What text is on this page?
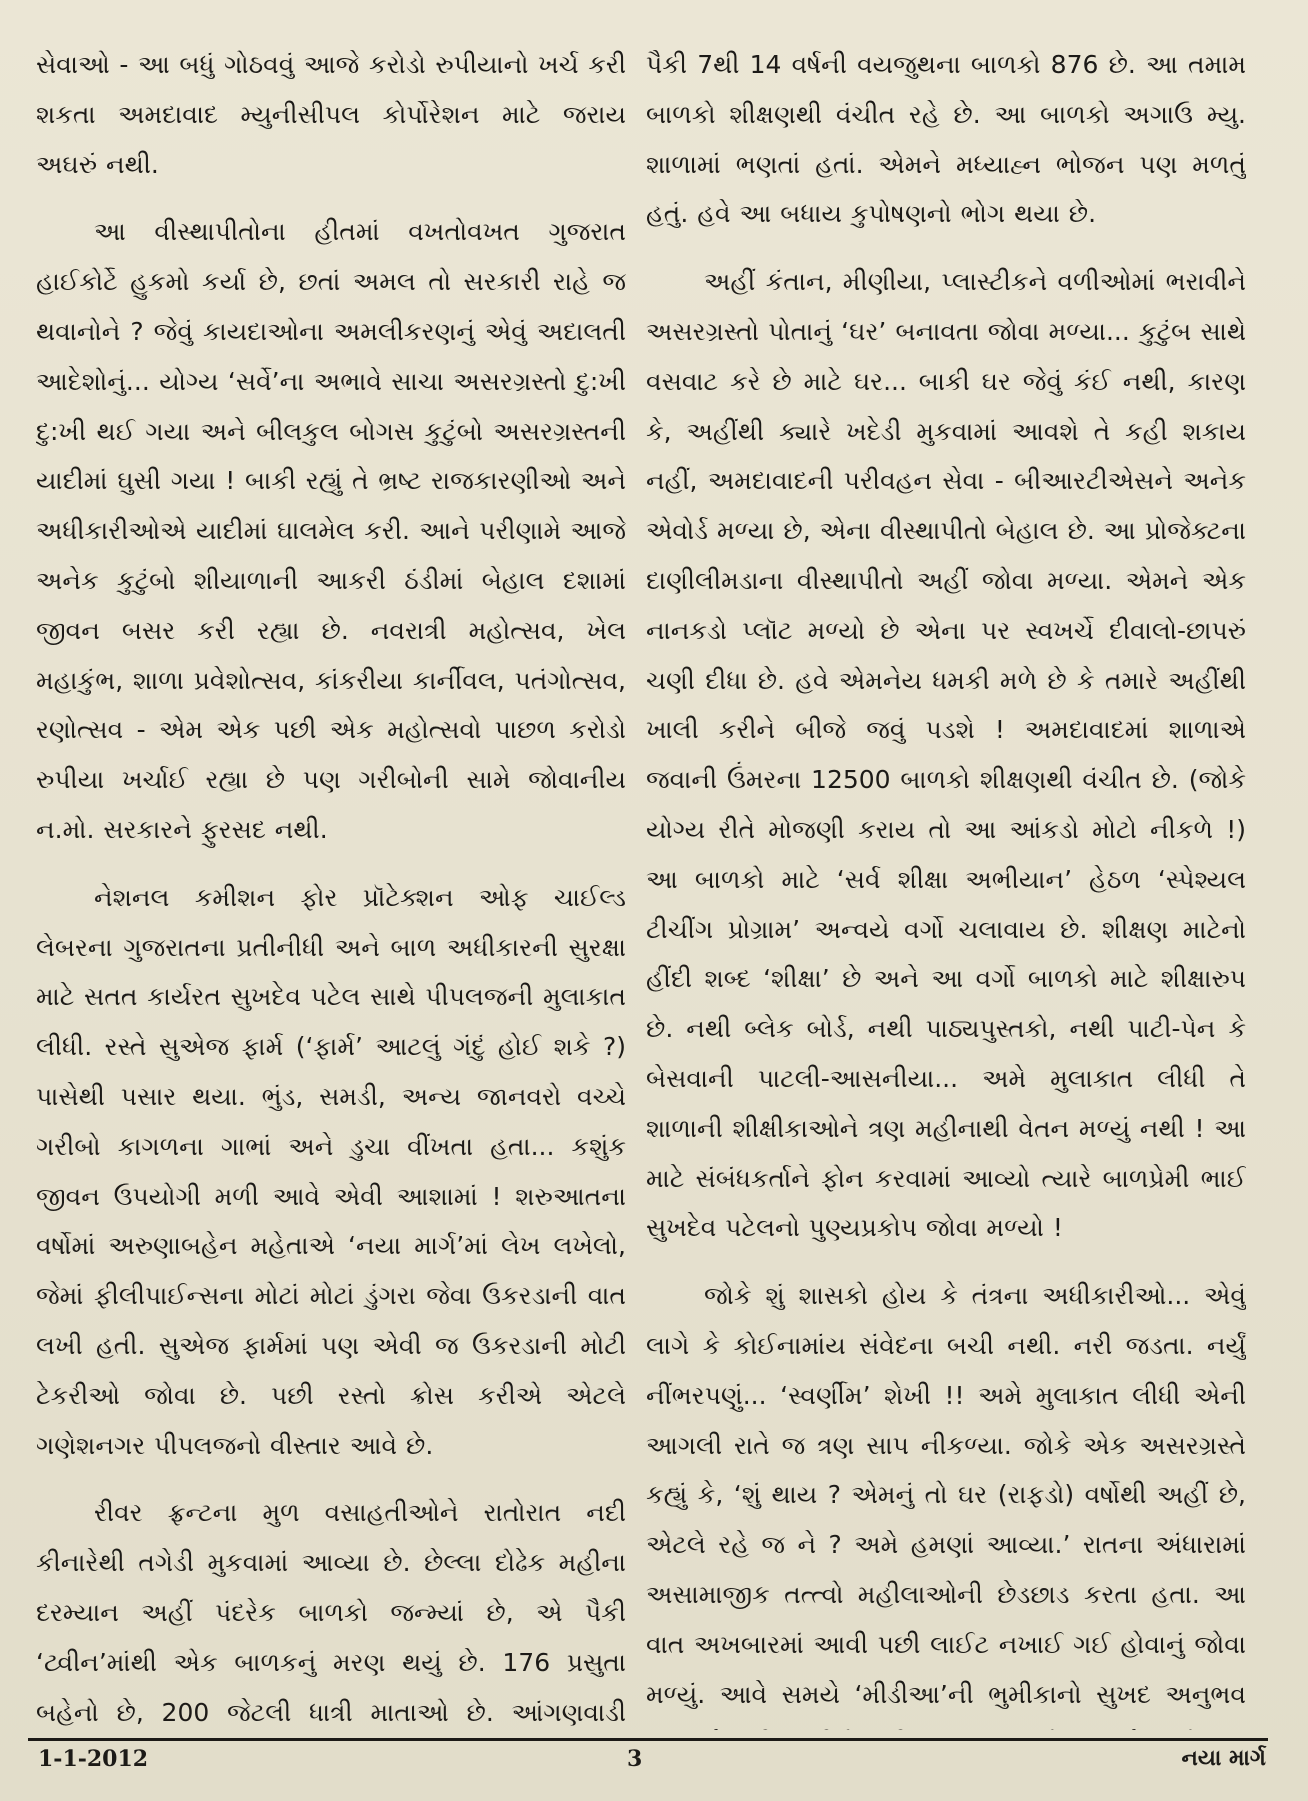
સેવાઓ - આ બધું ગોઠવવું આજે કરોડો રુપીયાનો ખર્ચ કરી શકતા અમદાવાદ મ્યુનીસીપલ કોર્પોરેશન માટે જરાય અઘરું નથી.

આ વીસ્થાપીતોના હીતમાં વખતોવખત ગુજરાત હાઈકોર્ટે હુકમો કર્યા છે, છતાં અમલ તો સરકારી રાહે જ થવાનોને ? જેવું કાયદાઓના અમલીકરણનું એવું અદાલતી આદેશોનું... યોગ્ય ‘સર્વે’ના અભાવે સાચા અસરગ્રસ્તો દુ:ખી દુ:ખી થઈ ગયા અને બીલકુલ બોગસ કુટુંબો અસરગ્રસ્તની યાદીમાં ઘુસી ગયા ! બાકી રહ્યું તે ભ્રષ્ટ રાજકારણીઓ અને અધીકારીઓએ યાદીમાં ઘાલમેલ કરી. આને પરીણામે આજે અનેક કુટુંબો શીયાળાની આકરી ઠંડીમાં બેહાલ દશામાં જીવન બસર કરી રહ્યા છે. નવરાત્રી મહોત્સવ, ખેલ મહાકુંભ, શાળા પ્રવેશોત્સવ, કાંકરીયા કાર્નીવલ, પતંગોત્સવ, રણોત્સવ - એમ એક પછી એક મહોત્સવો પાછળ કરોડો રુપીયા ખર્ચાઈ રહ્યા છે પણ ગરીબોની સામે જોવાનીય ન.મો. સરકારને ફુરસદ નથી.

નેશનલ કમીશન ફોર પ્રૉટેક્શન ઓફ ચાઈલ્ડ લેબરના ગુજરાતના પ્રતીનીધી અને બાળ અધીકારની સુરક્ષા માટે સતત કાર્યરત સુખદેવ પટેલ સાથે પીપલજની મુલાકાત લીધી. રસ્તે સુએજ ફાર્મ (‘ફાર્મ’ આટલું ગંદું હોઈ શકે ?) પાસેથી પસાર થયા. ભુંડ, સમડી, અન્ય જાનવરો વચ્ચે ગરીબો કાગળના ગાભાં અને ડુચા વીંખતા હતા... કશુંક જીવન ઉપયોગી મળી આવે એવી આશામાં ! શરુઆતના વર્ષોમાં અરુણાબહેન મહેતાએ ‘નયા માર્ગ’માં લેખ લખેલો, જેમાં ફીલીપાઈન્સના મોટાં મોટાં ડુંગરા જેવા ઉકરડાની વાત લખી હતી. સુએજ ફાર્મમાં પણ એવી જ ઉકરડાની મોટી ટેકરીઓ જોવા છે. પછી રસ્તો ક્રોસ કરીએ એટલે ગણેશનગર પીપલજનો વીસ્તાર આવે છે.

રીવર ફ્રન્ટના મુળ વસાહતીઓને રાતોરાત નદી કીનારેથી તગેડી મુકવામાં આવ્યા છે. છેલ્લા દોઢેક મહીના દરમ્યાન અહીં પંદરેક બાળકો જન્મ્યાં છે, એ પૈકી ‘ટ્વીન’માંથી એક બાળકનું મરણ થયું છે. 176 પ્રસુતા બહેનો છે, 200 જેટલી ધાત્રી માતાઓ છે. આંગણવાડી

પૈકી 7થી 14 વર્ષની વયજુથના બાળકો 876 છે. આ તમામ બાળકો શીક્ષણથી વંચીત રહે છે. આ બાળકો અગાઉ મ્યુ. શાળામાં ભણતાં હતાં. એમને મધ્યાહ્ન ભોજન પણ મળતું હતું. હવે આ બધાય કુપોષણનો ભોગ થયા છે.

અહીં કંતાન, મીણીયા, પ્લાસ્ટીકને વળીઓમાં ભરાવીને અસરગ્રસ્તો પોતાનું ‘ઘર’ બનાવતા જોવા મળ્યા... કુટુંબ સાથે વસવાટ કરે છે માટે ઘર... બાકી ઘર જેવું કંઈ નથી, કારણ કે, અહીંથી ક્યારે ખદેડી મુકવામાં આવશે તે કહી શકાય નહીં, અમદાવાદની પરીવહન સેવા - બીઆરટીએસને અનેક એવોર્ડ મળ્યા છે, એના વીસ્થાપીતો બેહાલ છે. આ પ્રોજેક્ટના દાણીલીમડાના વીસ્થાપીતો અહીં જોવા મળ્યા. એમને એક નાનકડો પ્લૉટ મળ્યો છે એના પર સ્વખર્ચે દીવાલો-છાપરું ચણી દીધા છે. હવે એમનેય ધમકી મળે છે કે તમારે અહીંથી ખાલી કરીને બીજે જવું પડશે ! અમદાવાદમાં શાળાએ જવાની ઉંમરના 12500 બાળકો શીક્ષણથી વંચીત છે. (જોકે યોગ્ય રીતે મોજણી કરાય તો આ આંકડો મોટો નીકળે !) આ બાળકો માટે ‘સર્વ શીક્ષા અભીયાન’ હેઠળ ‘સ્પેશ્યલ ટીચીંગ પ્રોગ્રામ’ અન્વયે વર્ગો ચલાવાય છે. શીક્ષણ માટેનો હીંદી શબ્દ ‘શીક્ષા’ છે અને આ વર્ગો બાળકો માટે શીક્ષારુપ છે. નથી બ્લેક બોર્ડ, નથી પાઠ્યપુસ્તકો, નથી પાટી-પેન કે બેસવાની પાટલી-આસનીયા... અમે મુલાકાત લીધી તે શાળાની શીક્ષીકાઓને ત્રણ મહીનાથી વેતન મળ્યું નથી ! આ માટે સંબંધકર્તાને ફોન કરવામાં આવ્યો ત્યારે બાળપ્રેમી ભાઈ સુખદેવ પટેલનો પુણ્યપ્રકોપ જોવા મળ્યો !

જોકે શું શાસકો હોય કે તંત્રના અધીકારીઓ... એવું લાગે કે કોઈનામાંય સંવેદના બચી નથી. નરી જડતા. નર્યું નીંભરપણું... ‘સ્વર્ણીમ’ શેખી !! અમે મુલાકાત લીધી એની આગલી રાતે જ ત્રણ સાપ નીકળ્યા. જોકે એક અસરગ્રસ્તે કહ્યું કે, ‘શું થાય ? એમનું તો ઘર (રાફડો) વર્ષોથી અહીં છે, એટલે રહે જ ને ? અમે હમણાં આવ્યા.’ રાતના અંધારામાં અસામાજીક તત્ત્વો મહીલાઓની છેડછાડ કરતા હતા. આ વાત અખબારમાં આવી પછી લાઈટ નખાઈ ગઈ હોવાનું જોવા મળ્યું. આવે સમયે ‘મીડીઆ’ની ભુમીકાનો સુખદ અનુભવ

1-1-2012	3	નયા માર્ગ
